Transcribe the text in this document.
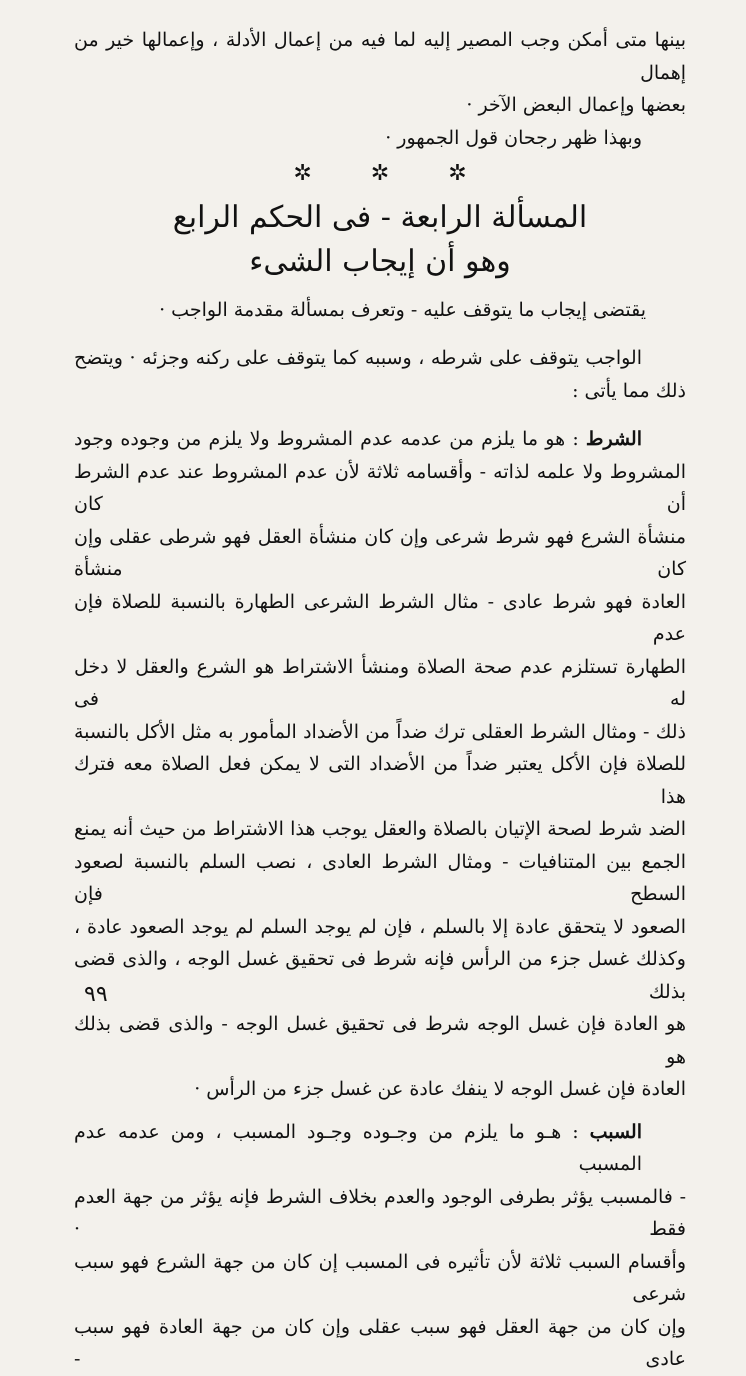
بينها متى أمكن وجب المصير إليه لما فيه من إعمال الأدلة ، وإعمالها خير من إهمال

بعضها وإعمال البعض الآخر ·

وبهذا ظهر رجحان قول الجمهور ·

✲ ✲ ✲
المسألة الرابعة - فى الحكم الرابع
وهو أن إيجاب الشىء

يقتضى إيجاب ما يتوقف عليه - وتعرف بمسألة مقدمة الواجب ·

الواجب يتوقف على شرطه ، وسببه كما يتوقف على ركنه وجزئه · ويتضح

ذلك مما يأتى :

الشرط : هو ما يلزم من عدمه عدم المشروط ولا يلزم من وجوده وجود

المشروط ولا علمه لذاته - وأقسامه ثلاثة لأن عدم المشروط عند عدم الشرط أن كان

منشأة الشرع فهو شرط شرعى وإن كان منشأة العقل فهو شرطى عقلى وإن كان منشأة

العادة فهو شرط عادى - مثال الشرط الشرعى الطهارة بالنسبة للصلاة فإن عدم

الطهارة تستلزم عدم صحة الصلاة ومنشأ الاشتراط هو الشرع والعقل لا دخل له فى

ذلك - ومثال الشرط العقلى ترك ضداً من الأضداد المأمور به مثل الأكل بالنسبة

للصلاة فإن الأكل يعتبر ضداً من الأضداد التى لا يمكن فعل الصلاة معه فترك هذا

الضد شرط لصحة الإتيان بالصلاة والعقل يوجب هذا الاشتراط من حيث أنه يمنع

الجمع بين المتنافيات - ومثال الشرط العادى ، نصب السلم بالنسبة لصعود السطح فإن

الصعود لا يتحقق عادة إلا بالسلم ، فإن لم يوجد السلم لم يوجد الصعود عادة ،

وكذلك غسل جزء من الرأس فإنه شرط فى تحقيق غسل الوجه ، والذى قضى بذلك

هو العادة فإن غسل الوجه شرط فى تحقيق غسل الوجه - والذى قضى بذلك هو

العادة فإن غسل الوجه لا ينفك عادة عن غسل جزء من الرأس ·

السبب : هـو ما يلزم من وجـوده وجـود المسبب ، ومن عدمه عدم المسبب

- فالمسبب يؤثر بطرفى الوجود والعدم بخلاف الشرط فإنه يؤثر من جهة العدم فقط ·

وأقسام السبب ثلاثة لأن تأثيره فى المسبب إن كان من جهة الشرع فهو سبب شرعى

وإن كان من جهة العقل فهو سبب عقلى وإن كان من جهة العادة فهو سبب عادى -

٩٩
